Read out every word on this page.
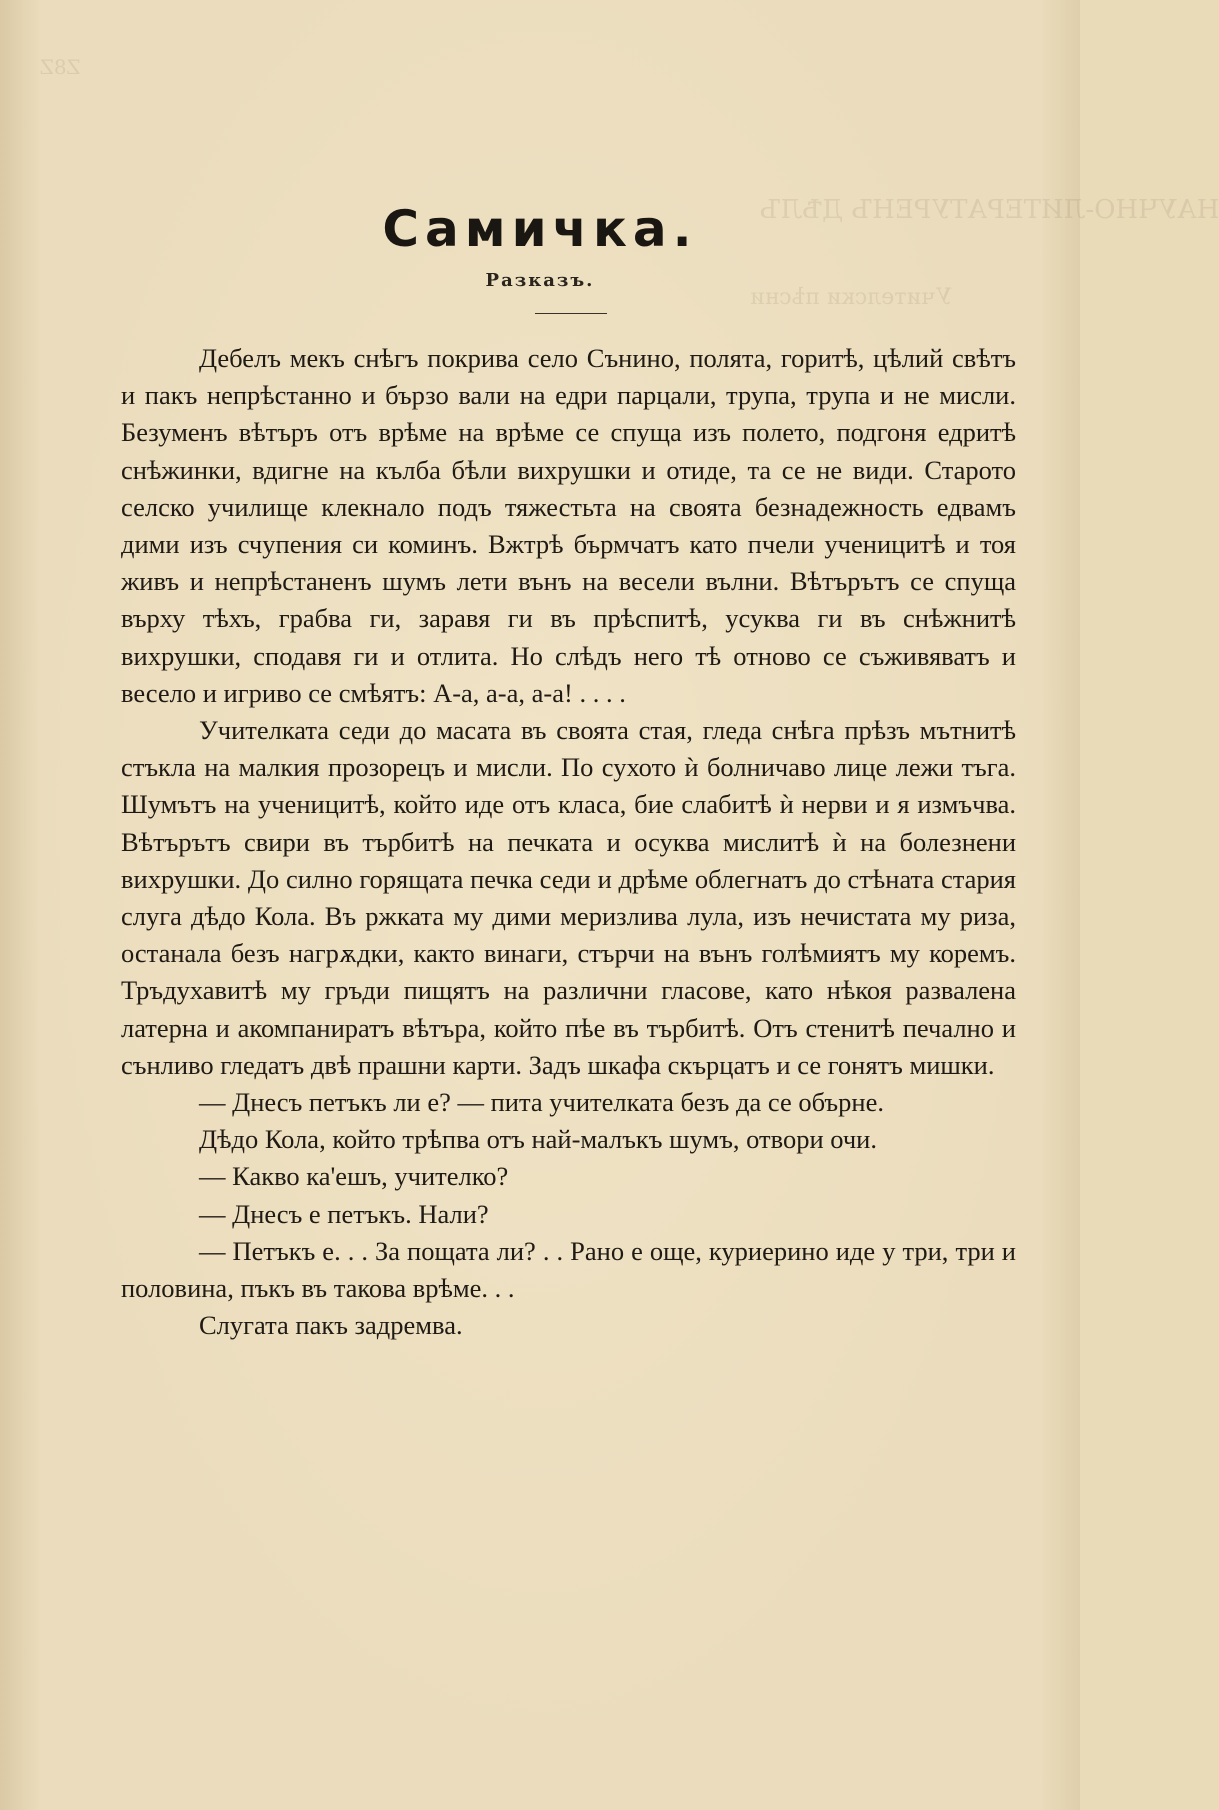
Z8Z
НАУЧНО-ЛИТЕРАТУРЕНЪ ДѢЛЪ
Учителски пѣсни
Самичка.
Разказъ.

Дебелъ мекъ снѣгъ покрива село Сънино, полята, горитѣ, цѣлий свѣтъ и пакъ непрѣстанно и бързо вали на едри парцали, трупа, трупа и не мисли. Безуменъ вѣтъръ отъ врѣме на врѣме се спуща изъ полето, подгоня едритѣ снѣжинки, вдигне на кълба бѣли вихрушки и отиде, та се не види. Старото селско училище клекнало подъ тяжестьта на своята безнадежность едвамъ дими изъ счупения си коминъ. Вжтрѣ бърмчатъ като пчели ученицитѣ и тоя живъ и непрѣстаненъ шумъ лети вънъ на весели вълни. Вѣтърътъ се спуща върху тѣхъ, грабва ги, заравя ги въ прѣспитѣ, усуква ги въ снѣжнитѣ вихрушки, сподавя ги и отлита. Но слѣдъ него тѣ отново се съживяватъ и весело и игриво се смѣятъ: А-а, а-а, а-а! . . . .

Учителката седи до масата въ своята стая, гледа снѣга прѣзъ мътнитѣ стъкла на малкия прозорецъ и мисли. По сухото ѝ болничаво лице лежи тъга. Шумътъ на ученицитѣ, който иде отъ класа, бие слабитѣ ѝ нерви и я измъчва. Вѣтърътъ свири въ търбитѣ на печката и осуква мислитѣ ѝ на болезнени вихрушки. До силно горящата печка седи и дрѣме облегнатъ до стѣната стария слуга дѣдо Кола. Въ ржката му дими меризлива лула, изъ нечистата му риза, останала безъ нагрѫдки, както винаги, стърчи на вънъ голѣмиятъ му коремъ. Тръдухавитѣ му гръди пищятъ на различни гласове, като нѣкоя развалена латерна и акомпаниратъ вѣтъра, който пѣе въ търбитѣ. Отъ стенитѣ печално и сънливо гледатъ двѣ прашни карти. Задъ шкафа скърцатъ и се гонятъ мишки.

— Днесъ петъкъ ли е? — пита учителката безъ да се обърне.

Дѣдо Кола, който трѣпва отъ най-малъкъ шумъ, отвори очи.

— Какво ка'ешъ, учителко?

— Днесъ е петъкъ. Нали?

— Петъкъ е. . . За пощата ли? . . Рано е още, куриерино иде у три, три и половина, пъкъ въ такова врѣме. . .

Слугата пакъ задремва.
